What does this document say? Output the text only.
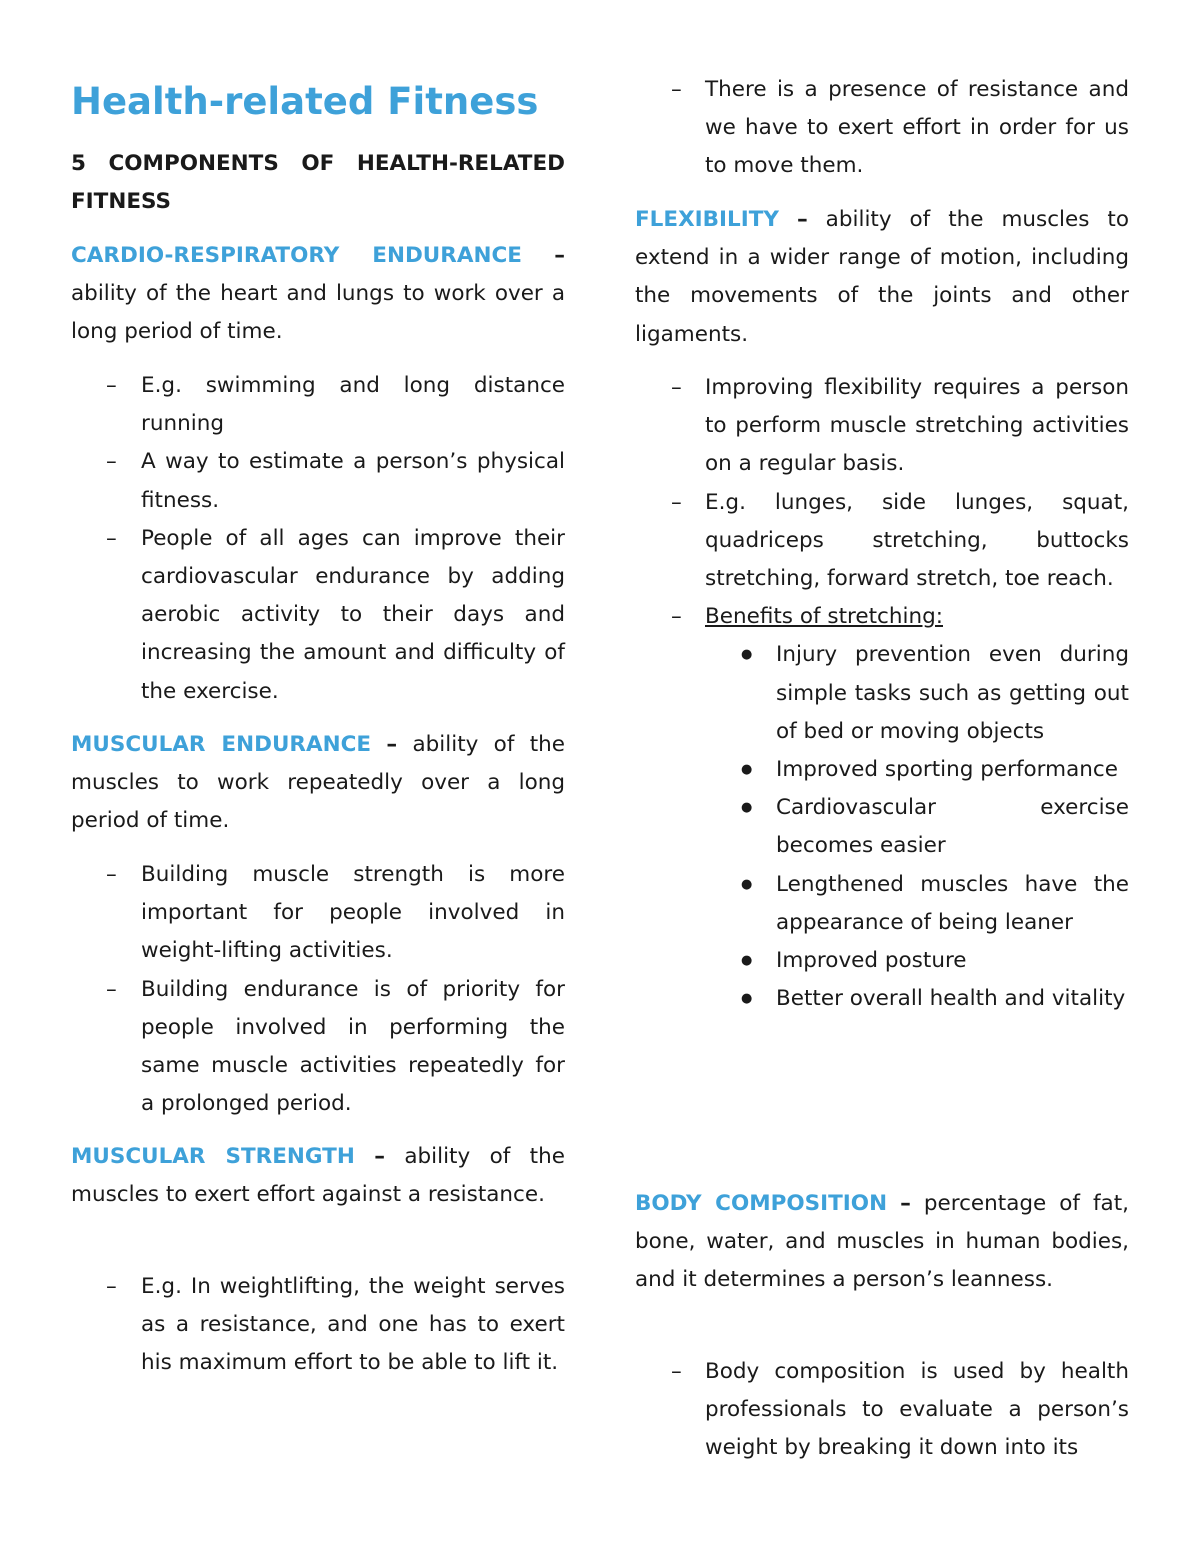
Health-related Fitness

5 COMPONENTS OF HEALTH-RELATED FITNESS

CARDIO-RESPIRATORY ENDURANCE – ability of the heart and lungs to work over a long period of time.

– E.g. swimming and long distance running
– A way to estimate a person’s physical fitness.
– People of all ages can improve their cardiovascular endurance by adding aerobic activity to their days and increasing the amount and difficulty of the exercise.

MUSCULAR ENDURANCE – ability of the muscles to work repeatedly over a long period of time.

– Building muscle strength is more important for people involved in weight-lifting activities.
– Building endurance is of priority for people involved in performing the same muscle activities repeatedly for a prolonged period.

MUSCULAR STRENGTH – ability of the muscles to exert effort against a resistance.

– E.g. In weightlifting, the weight serves as a resistance, and one has to exert his maximum effort to be able to lift it.
– There is a presence of resistance and we have to exert effort in order for us to move them.

FLEXIBILITY – ability of the muscles to extend in a wider range of motion, including the movements of the joints and other ligaments.

– Improving flexibility requires a person to perform muscle stretching activities on a regular basis.
– E.g. lunges, side lunges, squat, quadriceps stretching, buttocks stretching, forward stretch, toe reach.
– Benefits of stretching:
● Injury prevention even during simple tasks such as getting out of bed or moving objects
● Improved sporting performance
● Cardiovascular exercise becomes easier
● Lengthened muscles have the appearance of being leaner
● Improved posture
● Better overall health and vitality

BODY COMPOSITION – percentage of fat, bone, water, and muscles in human bodies, and it determines a person’s leanness.

– Body composition is used by health professionals to evaluate a person’s weight by breaking it down into its
